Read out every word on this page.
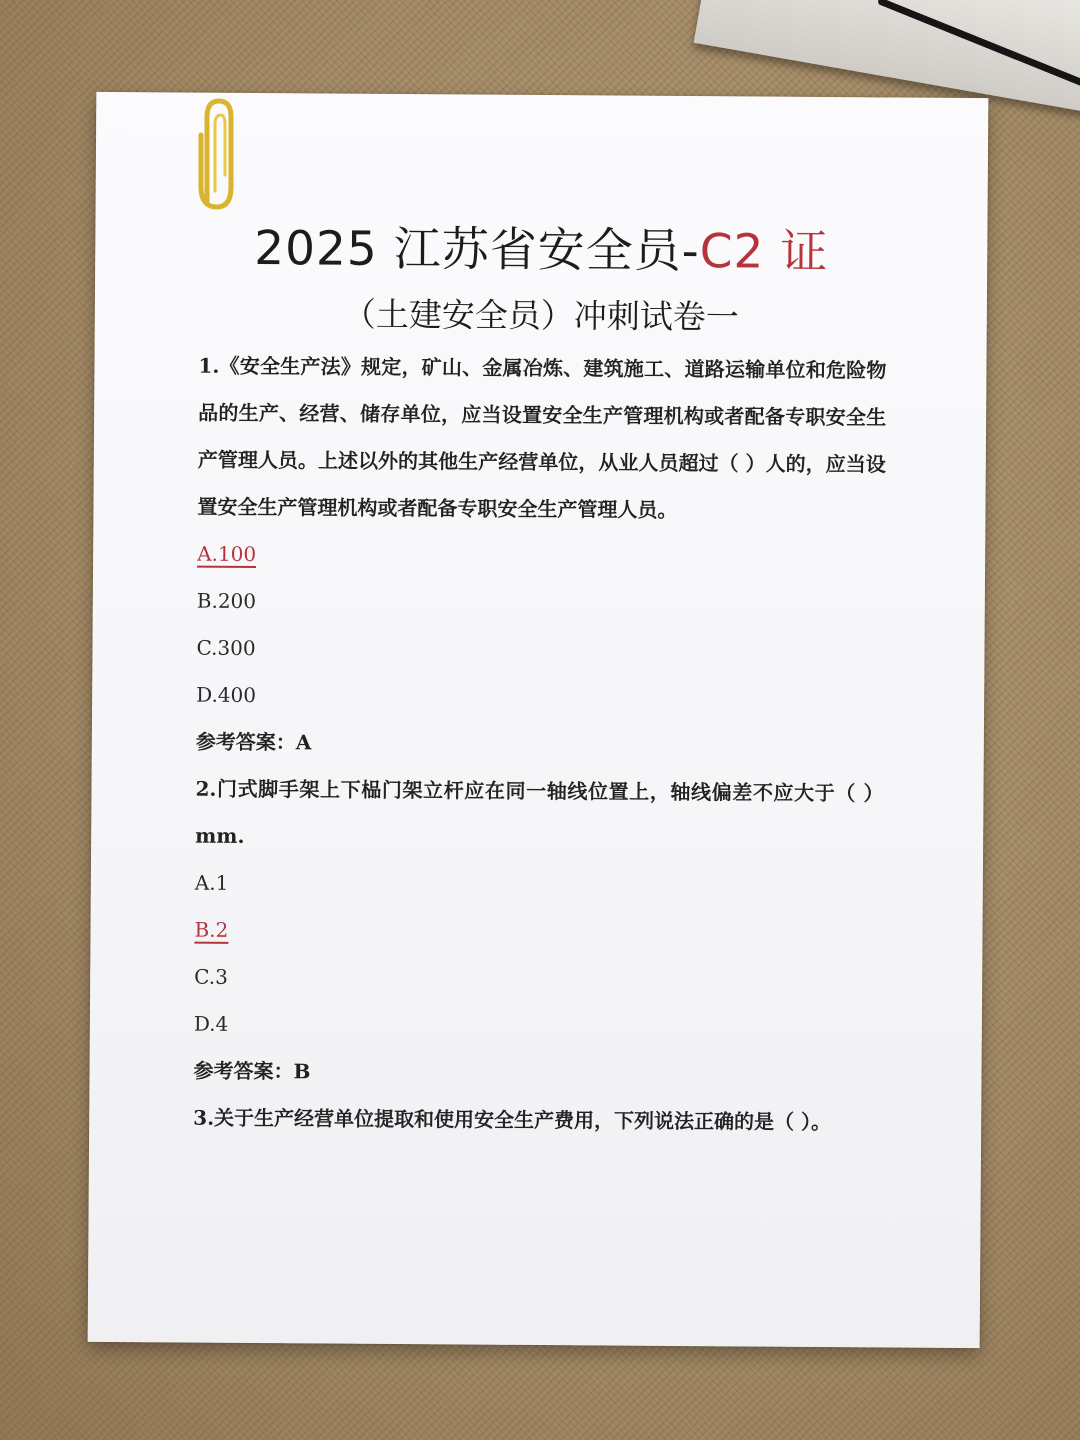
2025 江苏省安全员-C2 证
（土建安全员）冲刺试卷一

1.《安全生产法》规定，矿山、金属冶炼、建筑施工、道路运输单位和危险物品的生产、经营、储存单位，应当设置安全生产管理机构或者配备专职安全生产管理人员。上述以外的其他生产经营单位，从业人员超过（ ）人的，应当设置安全生产管理机构或者配备专职安全生产管理人员。

A.100

B.200

C.300

D.400

参考答案：A

2.门式脚手架上下榀门架立杆应在同一轴线位置上，轴线偏差不应大于（ ）mm.

A.1

B.2

C.3

D.4

参考答案：B

3.关于生产经营单位提取和使用安全生产费用，下列说法正确的是（ ）。
